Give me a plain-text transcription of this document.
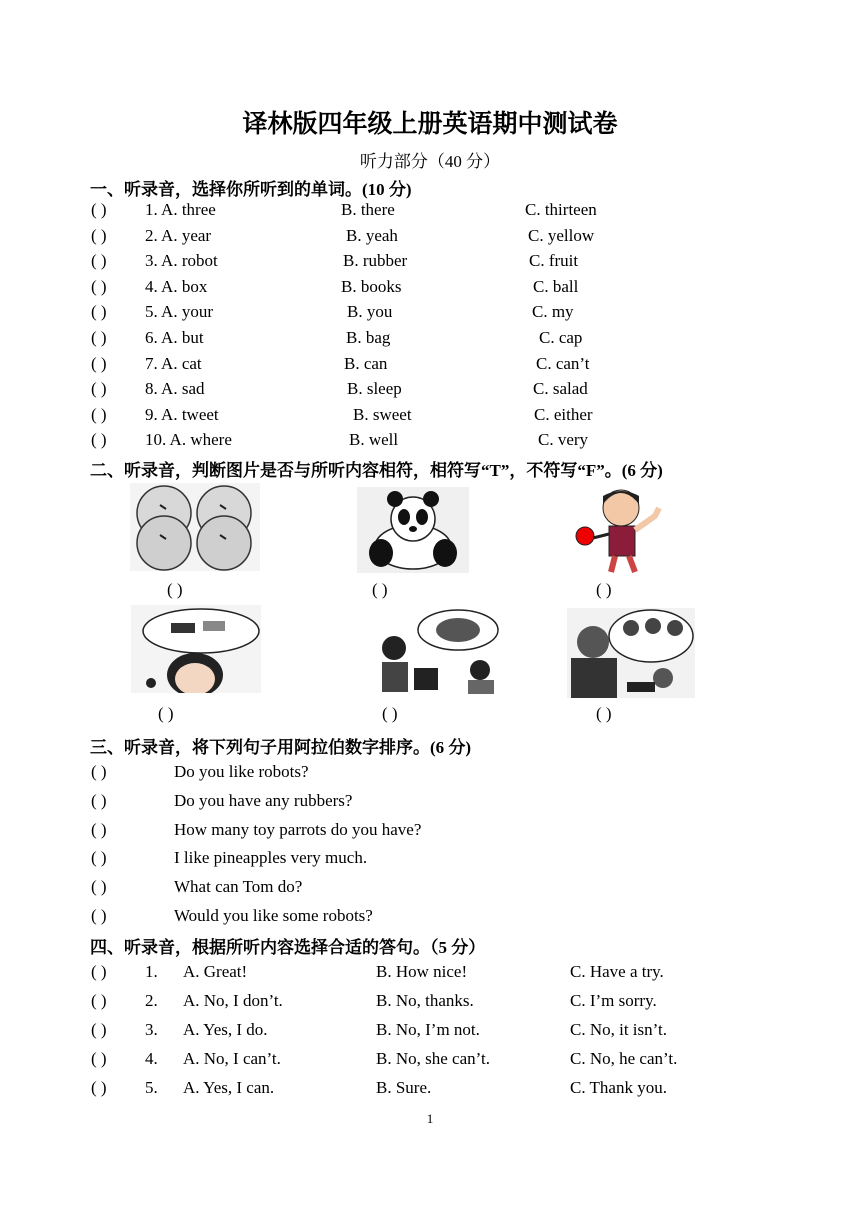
译林版四年级上册英语期中测试卷
听力部分（40 分）
一、听录音，选择你所听到的单词。(10 分)
( ) 1. A. three	B. there	C. thirteen
( ) 2. A. year	B. yeah	C. yellow
( ) 3. A. robot	B. rubber	C. fruit
( ) 4. A. box	B. books	C. ball
( ) 5. A. your	B. you	C. my
( ) 6. A. but	B. bag	C. cap
( ) 7. A. cat	B. can	C. can’t
( ) 8. A. sad	B. sleep	C. salad
( ) 9. A. tweet	B. sweet	C. either
( ) 10. A. where	B. well	C. very
二、听录音，判断图片是否与所听内容相符，相符写“T”，不符写“F”。(6 分)
( )	( )	( )
( )	( )	( )
三、听录音，将下列句子用阿拉伯数字排序。(6 分)
( )	Do you like robots?
( )	Do you have any rubbers?
( )	How many toy parrots do you have?
( )	I like pineapples very much.
( )	What can Tom do?
( )	Would you like some robots?
四、听录音，根据所听内容选择合适的答句。（5 分）
( ) 1. A. Great!	B. How nice!	C. Have a try.
( ) 2. A. No, I don’t.	B. No, thanks.	C. I’m sorry.
( ) 3. A. Yes, I do.	B. No, I’m not.	C. No, it isn’t.
( ) 4. A. No, I can’t.	B. No, she can’t.	C. No, he can’t.
( ) 5. A. Yes, I can.	B. Sure.	C. Thank you.
1
